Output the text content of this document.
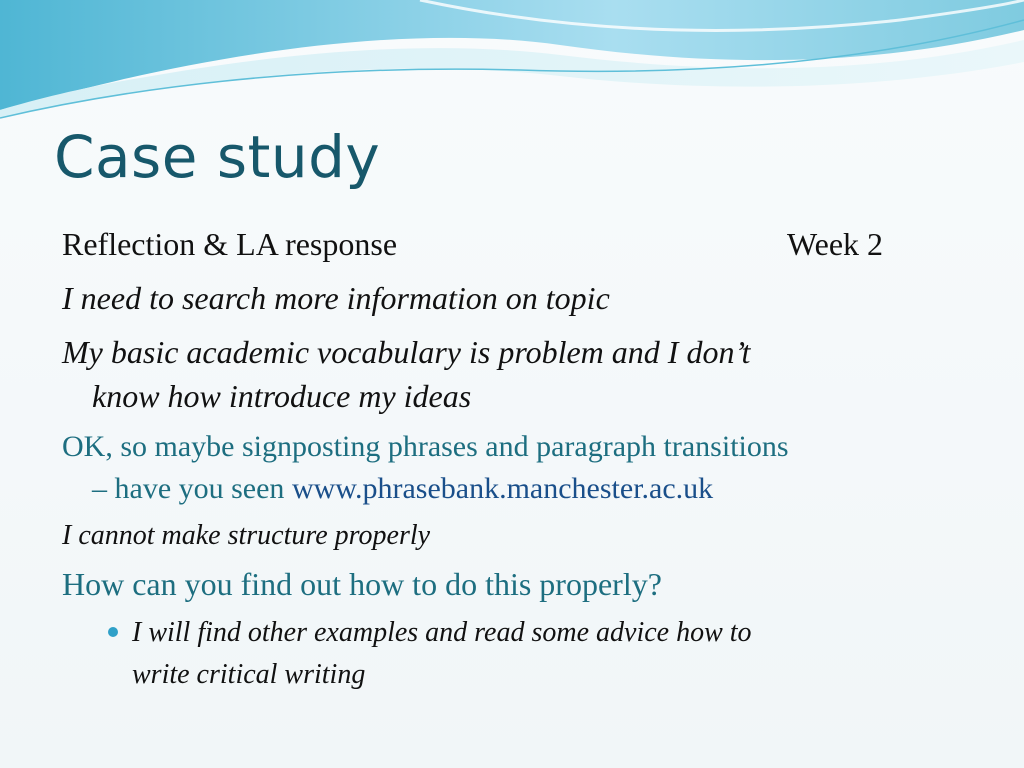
Case study
Reflection & LA response	Week 2
I need to search more information on topic
My basic academic vocabulary is problem and I don’t
know how introduce my ideas
OK, so maybe signposting phrases and paragraph transitions
– have you seen www.phrasebank.manchester.ac.uk
I cannot make structure properly
How can you find out how to do this properly?
I will find other examples and read some advice how to
write critical writing
